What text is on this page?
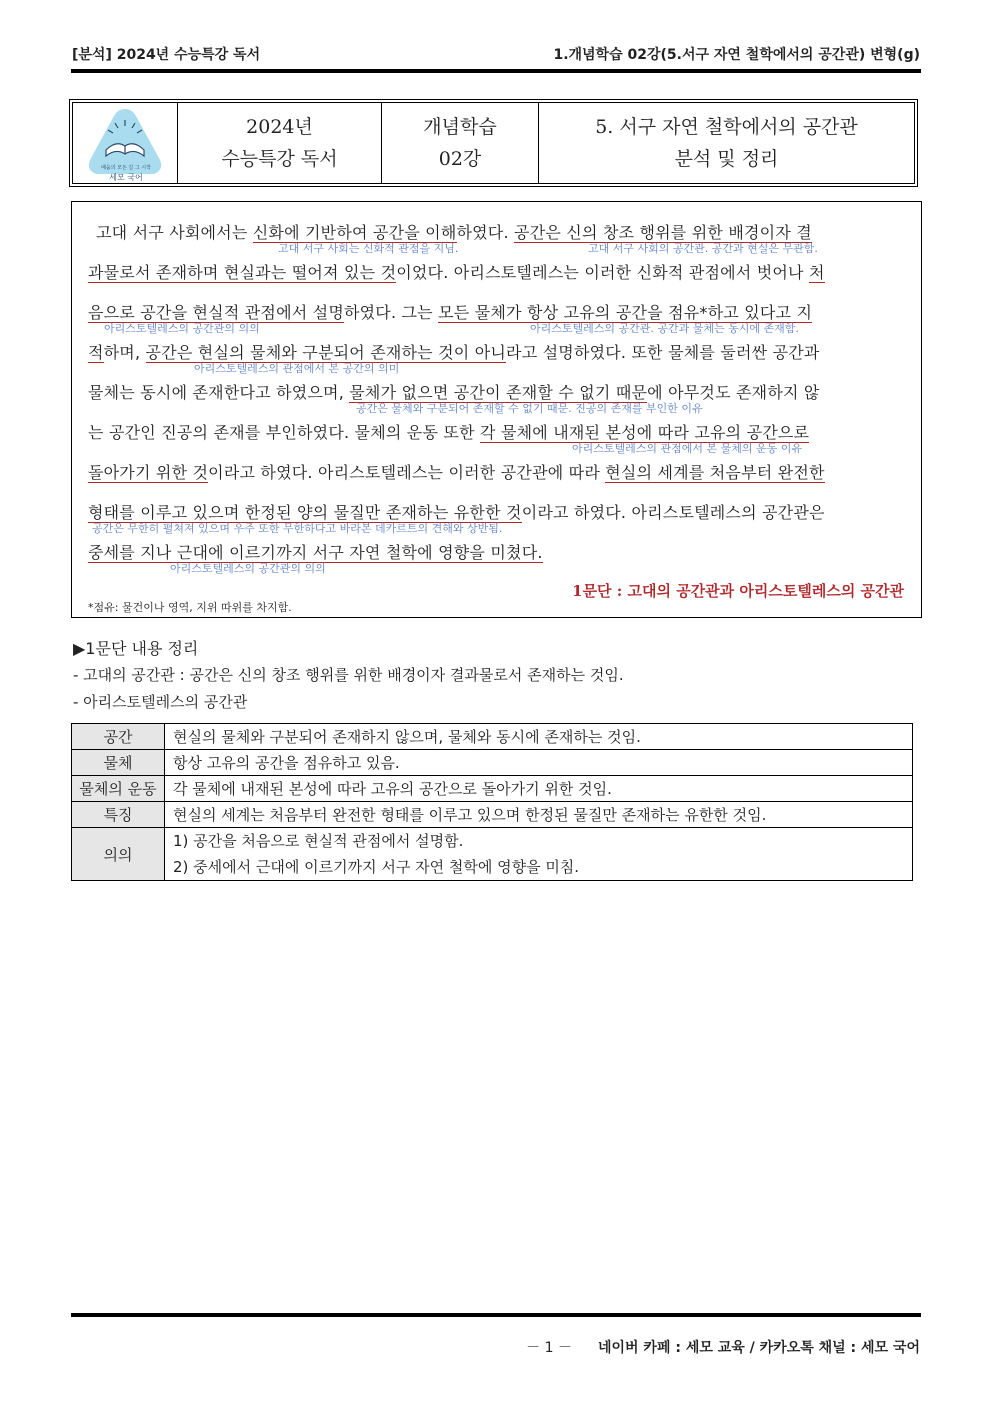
[분석] 2024년 수능특강 독서	1.개념학습 02강(5.서구 자연 철학에서의 공간관) 변형(g)
배움의 모든 길 그 시작
세모 국어
2024년
수능특강 독서
개념학습
02강
5. 서구 자연 철학에서의 공간관
분석 및 정리
고대 서구 사회에서는 신화에 기반하여 공간을 이해하였다. 공간은 신의 창조 행위를 위한 배경이자 결
고대 서구 사회는 신화적 관점을 지님.	고대 서구 사회의 공간관. 공간과 현실은 무관함.
과물로서 존재하며 현실과는 떨어져 있는 것이었다. 아리스토텔레스는 이러한 신화적 관점에서 벗어나 처
음으로 공간을 현실적 관점에서 설명하였다. 그는 모든 물체가 항상 고유의 공간을 점유*하고 있다고 지
아리스토텔레스의 공간관의 의의	아리스토텔레스의 공간관. 공간과 물체는 동시에 존재함.
적하며, 공간은 현실의 물체와 구분되어 존재하는 것이 아니라고 설명하였다. 또한 물체를 둘러싼 공간과
아리스토텔레스의 관점에서 본 공간의 의미
물체는 동시에 존재한다고 하였으며, 물체가 없으면 공간이 존재할 수 없기 때문에 아무것도 존재하지 않
공간은 물체와 구분되어 존재할 수 없기 때문. 진공의 존재를 부인한 이유
는 공간인 진공의 존재를 부인하였다. 물체의 운동 또한 각 물체에 내재된 본성에 따라 고유의 공간으로
아리스토텔레스의 관점에서 본 물체의 운동 이유
돌아가기 위한 것이라고 하였다. 아리스토텔레스는 이러한 공간관에 따라 현실의 세계를 처음부터 완전한
형태를 이루고 있으며 한정된 양의 물질만 존재하는 유한한 것이라고 하였다. 아리스토텔레스의 공간관은
공간은 무한히 펼쳐져 있으며 우주 또한 무한하다고 바라본 데카르트의 견해와 상반됨.
중세를 지나 근대에 이르기까지 서구 자연 철학에 영향을 미쳤다.
아리스토텔레스의 공간관의 의의
1문단 : 고대의 공간관과 아리스토텔레스의 공간관
*점유: 물건이나 영역, 지위 따위를 차지함.
▶1문단 내용 정리
- 고대의 공간관 : 공간은 신의 창조 행위를 위한 배경이자 결과물로서 존재하는 것임.
- 아리스토텔레스의 공간관
공간	현실의 물체와 구분되어 존재하지 않으며, 물체와 동시에 존재하는 것임.
물체	항상 고유의 공간을 점유하고 있음.
물체의 운동	각 물체에 내재된 본성에 따라 고유의 공간으로 돌아가기 위한 것임.
특징	현실의 세계는 처음부터 완전한 형태를 이루고 있으며 한정된 물질만 존재하는 유한한 것임.
의의	1) 공간을 처음으로 현실적 관점에서 설명함.
2) 중세에서 근대에 이르기까지 서구 자연 철학에 영향을 미침.
－ 1 － 네이버 카페 : 세모 교육 / 카카오톡 채널 : 세모 국어
